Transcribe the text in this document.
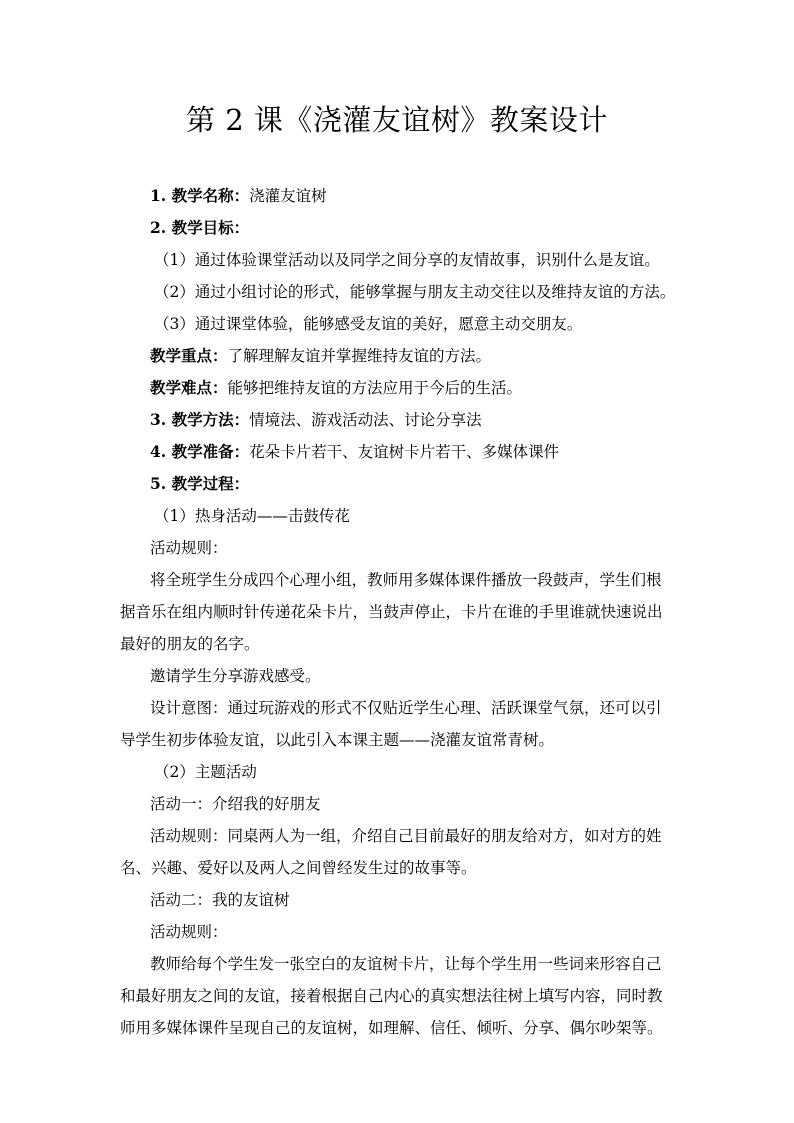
第 2 课《浇灌友谊树》教案设计
1. 教学名称：浇灌友谊树
2. 教学目标：
（1）通过体验课堂活动以及同学之间分享的友情故事，识别什么是友谊。
（2）通过小组讨论的形式，能够掌握与朋友主动交往以及维持友谊的方法。
（3）通过课堂体验，能够感受友谊的美好，愿意主动交朋友。
教学重点：了解理解友谊并掌握维持友谊的方法。
教学难点：能够把维持友谊的方法应用于今后的生活。
3. 教学方法：情境法、游戏活动法、讨论分享法
4. 教学准备：花朵卡片若干、友谊树卡片若干、多媒体课件
5. 教学过程：
（1）热身活动——击鼓传花
活动规则：
将全班学生分成四个心理小组，教师用多媒体课件播放一段鼓声，学生们根
据音乐在组内顺时针传递花朵卡片，当鼓声停止，卡片在谁的手里谁就快速说出
最好的朋友的名字。
邀请学生分享游戏感受。
设计意图：通过玩游戏的形式不仅贴近学生心理、活跃课堂气氛，还可以引
导学生初步体验友谊，以此引入本课主题——浇灌友谊常青树。
（2）主题活动
活动一：介绍我的好朋友
活动规则：同桌两人为一组，介绍自己目前最好的朋友给对方，如对方的姓
名、兴趣、爱好以及两人之间曾经发生过的故事等。
活动二：我的友谊树
活动规则：
教师给每个学生发一张空白的友谊树卡片，让每个学生用一些词来形容自己
和最好朋友之间的友谊，接着根据自己内心的真实想法往树上填写内容，同时教
师用多媒体课件呈现自己的友谊树，如理解、信任、倾听、分享、偶尔吵架等。
